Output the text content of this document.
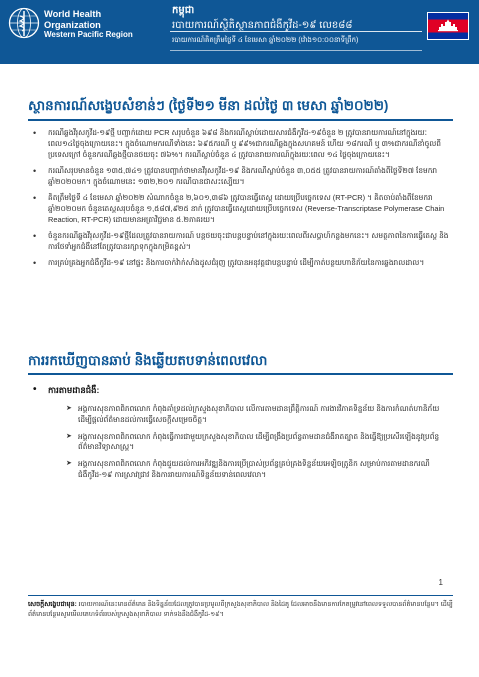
World Health
Organization
Western Pacific Region
កម្ពុជា
របាយការណ៍ស្ថិតិស្ថានភាពជំងឺកូវីដ-១៩ លេខ៨៨
របាយការណ៍គិតត្រឹមថ្ងៃទី ៤ ខែមេសា ឆ្នាំ២០២២ (វ៉ោង១០:០០នាទីព្រឹក)
ស្ថានការណ៍សង្ខេបសំខាន់ៗ (ថ្ងៃទី២១ មីនា ដល់ថ្ងៃ ៣ មេសា ឆ្នាំ២០២២)
• ករណីឆ្លងវីរុសកូវីដ-១៩ថ្មី បញ្ជាក់ដោយ PCR សរុបចំនួន ៦៩៨ និងករណីស្លាប់ដោយសារជំងឺកូវីដ-១៩ចំនួន ២ ត្រូវបានរាយការណ៍នៅក្នុងរយៈពេល១៤ថ្ងៃចុងក្រោយនេះ។ ក្នុងចំណោមករណីទាំងនេះ ៦៩៥ករណី ឬ ៩៩%ជាករណីឆ្លងក្នុងសហគមន៍ ហើយ ១៨ករណី ឬ ៣%ជាករណីនាំចូលពីប្រទេសក្រៅ ចំនួនករណីឆ្លងថ្មីបានថយចុះ ៧៦%។ ករណីស្លាប់ចំនួន ៤ ត្រូវបានរាយការណ៍ក្នុងរយៈពេល ១៤ ថ្ងៃចុងក្រោយនេះ។
• ករណីសរុបមានចំនួន ១៣៥,៧៤១ ត្រូវបានបញ្ជាក់ថាមានវីរុសកូវីដ-១៩ និងករណីស្លាប់ចំនួន ៣,០៥៥ ត្រូវបានរាយការណ៍តាំងពីថ្ងៃទី២៧ ខែមករា ឆ្នាំ២០២០មក។ ក្នុងចំណោមនេះ ១៣២,២០១ ករណីបានជាសះស្បើយ។
• គិតត្រឹមថ្ងៃទី ៤ ខែមេសា ឆ្នាំ២០២២ សំណាកចំនួន ២,៦០១,៣៨៦ ត្រូវបានធ្វើតេស្ត ដោយប្រើបច្ចេកទេស (RT-PCR) ។ គិតចាប់តាំងពីខែមករា ឆ្នាំ២០២០មក ចំនួនតេស្តសរុបចំនួន ១,៥៨៧,៩២៥ នាក់ ត្រូវបានធ្វើតេស្តដោយប្រើបច្ចេកទេស (Reverse-Transcriptase Polymerase Chain Reaction, RT-PCR) ដោយមានអត្រាវិជ្ជមាន ៥.២ភាគរយ។
• ចំនួនករណីឆ្លងវីរុសកូវីដ-១៩ថ្មីដែលត្រូវបានរាយការណ៍ បន្តថយចុះជាបន្តបន្ទាប់នៅក្នុងរយៈពេលពីរសប្តាហ៍កន្លងមកនេះ។ សមត្ថភាពនៃការធ្វើតេស្ត និងការថែទាំអ្នកជំងឺនៅតែត្រូវបានរក្សាទុកក្នុងកម្រិតខ្ពស់។
• ការគ្រប់គ្រងអ្នកជំងឺកូវីដ-១៩ នៅផ្ទះ និងការចាក់វ៉ាក់សាំងដូសជំរុញ ត្រូវបានអនុវត្តជាបន្តបន្ទាប់ ដើម្បីកាត់បន្ថយហានិភ័យនៃការឆ្លងរាលដាល។
ការរកឃើញបានឆាប់ និងឆ្លើយតបទាន់ពេលវេលា
• ការតាមដានជំងឺ:
➤ អង្គការសុខភាពពិភពលោក កំពុងគាំទ្រដល់ក្រសួងសុខាភិបាល លើការតាមដានព្រឹត្តិការណ៍ ការងារវិភាគទិន្នន័យ និងការកំណត់ហានិភ័យ ដើម្បីផ្តល់ព័ត៌មានដល់ការធ្វើសេចក្តីសម្រេចចិត្ត។
➤ អង្គការសុខភាពពិភពលោក កំពុងធ្វើការជាមួយក្រសួងសុខាភិបាល ដើម្បីពង្រឹងប្រព័ន្ធតាមដានជំងឺរាតត្បាត និងធ្វើឱ្យប្រសើរឡើងនូវប្រព័ន្ធព័ត៌មានវិទ្យាសាស្ត្រ។
➤ អង្គការសុខភាពពិភពលោក កំពុងជួយដល់ការអភិវឌ្ឍនិងការប្រើប្រាស់ប្រព័ន្ធគ្រប់គ្រងទិន្នន័យអេឡិចត្រូនិក សម្រាប់ការតាមដានករណីជំងឺកូវីដ-១៩ ការស្រាវជ្រាវ និងការរាយការណ៍ទិន្នន័យទាន់ពេលវេលា។
1
សេចក្តីសង្ខេបជាមុន: របាយការណ៍នេះមានព័ត៌មាន និងទិន្នន័យដែលត្រូវបានប្រមូលពីក្រសួងសុខាភិបាល និងដៃគូ ដែលអាចនឹងមានការកែតម្រូវនៅពេលទទួលបានព័ត៌មានបន្ថែម។ ដើម្បីព័ត៌មានបន្ថែមសូមមើលគេហទំព័ររបស់ក្រសួងសុខាភិបាល ទាក់ទងនឹងជំងឺកូវីដ-១៩។
